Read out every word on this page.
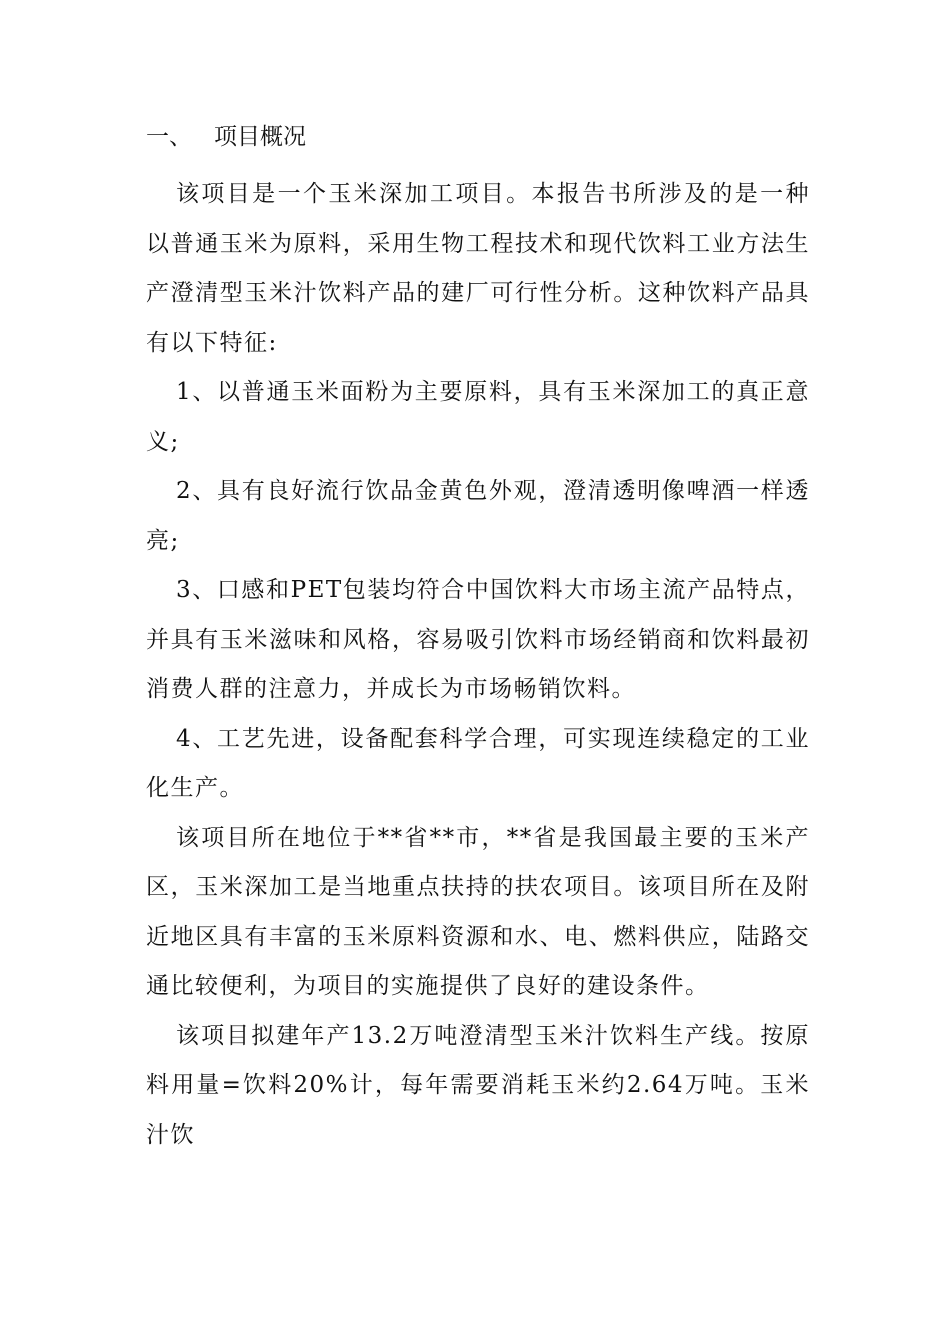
一、 项目概况

该项目是一个玉米深加工项目。本报告书所涉及的是一种以普通玉米为原料，采用生物工程技术和现代饮料工业方法生产澄清型玉米汁饮料产品的建厂可行性分析。这种饮料产品具有以下特征:

1、以普通玉米面粉为主要原料，具有玉米深加工的真正意义;

2、具有良好流行饮品金黄色外观，澄清透明像啤酒一样透亮;

3、口感和PET包装均符合中国饮料大市场主流产品特点，并具有玉米滋味和风格，容易吸引饮料市场经销商和饮料最初消费人群的注意力，并成长为市场畅销饮料。

4、工艺先进，设备配套科学合理，可实现连续稳定的工业化生产。

该项目所在地位于**省**市，**省是我国最主要的玉米产区，玉米深加工是当地重点扶持的扶农项目。该项目所在及附近地区具有丰富的玉米原料资源和水、电、燃料供应，陆路交通比较便利，为项目的实施提供了良好的建设条件。

该项目拟建年产13.2万吨澄清型玉米汁饮料生产线。按原料用量=饮料20%计，每年需要消耗玉米约2.64万吨。玉米汁饮
